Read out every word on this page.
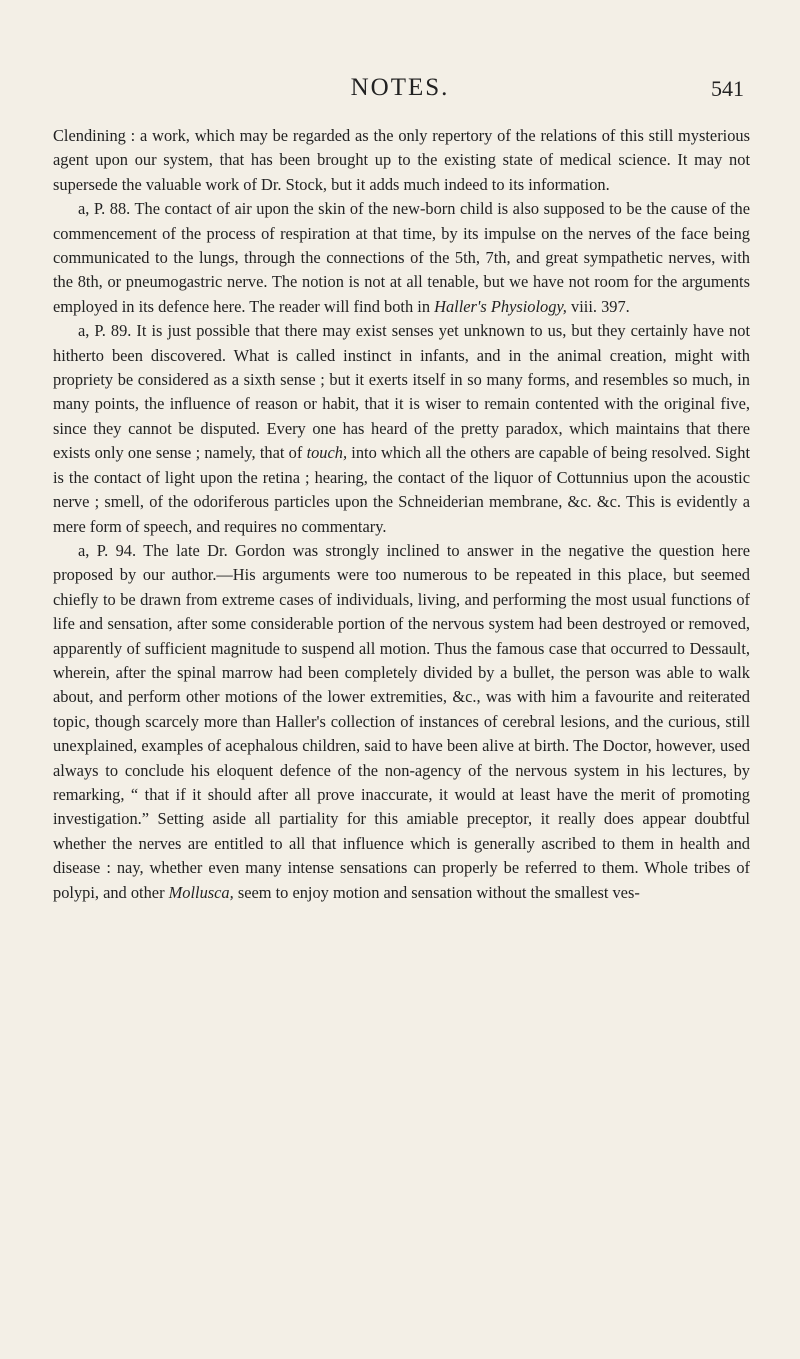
NOTES.	541

Clendining : a work, which may be regarded as the only repertory of the relations of this still mysterious agent upon our system, that has been brought up to the existing state of medical science. It may not supersede the valuable work of Dr. Stock, but it adds much indeed to its information.

a, P. 88. The contact of air upon the skin of the new-born child is also supposed to be the cause of the commencement of the process of respiration at that time, by its impulse on the nerves of the face being communicated to the lungs, through the connections of the 5th, 7th, and great sympathetic nerves, with the 8th, or pneumogastric nerve. The notion is not at all tenable, but we have not room for the arguments employed in its defence here. The reader will find both in Haller's Physiology, viii. 397.

a, P. 89. It is just possible that there may exist senses yet unknown to us, but they certainly have not hitherto been discovered. What is called instinct in infants, and in the animal creation, might with propriety be considered as a sixth sense ; but it exerts itself in so many forms, and resembles so much, in many points, the influence of reason or habit, that it is wiser to remain contented with the original five, since they cannot be disputed. Every one has heard of the pretty paradox, which maintains that there exists only one sense ; namely, that of touch, into which all the others are capable of being resolved. Sight is the contact of light upon the retina ; hearing, the contact of the liquor of Cottunnius upon the acoustic nerve ; smell, of the odoriferous particles upon the Schneiderian membrane, &c. &c. This is evidently a mere form of speech, and requires no commentary.

a, P. 94. The late Dr. Gordon was strongly inclined to answer in the negative the question here proposed by our author.—His arguments were too numerous to be repeated in this place, but seemed chiefly to be drawn from extreme cases of individuals, living, and performing the most usual functions of life and sensation, after some considerable portion of the nervous system had been destroyed or removed, apparently of sufficient magnitude to suspend all motion. Thus the famous case that occurred to Dessault, wherein, after the spinal marrow had been completely divided by a bullet, the person was able to walk about, and perform other motions of the lower extremities, &c., was with him a favourite and reiterated topic, though scarcely more than Haller's collection of instances of cerebral lesions, and the curious, still unexplained, examples of acephalous children, said to have been alive at birth. The Doctor, however, used always to conclude his eloquent defence of the non-agency of the nervous system in his lectures, by remarking, “ that if it should after all prove inaccurate, it would at least have the merit of promoting investigation.” Setting aside all partiality for this amiable preceptor, it really does appear doubtful whether the nerves are entitled to all that influence which is generally ascribed to them in health and disease : nay, whether even many intense sensations can properly be referred to them. Whole tribes of polypi, and other Mollusca, seem to enjoy motion and sensation without the smallest ves-
